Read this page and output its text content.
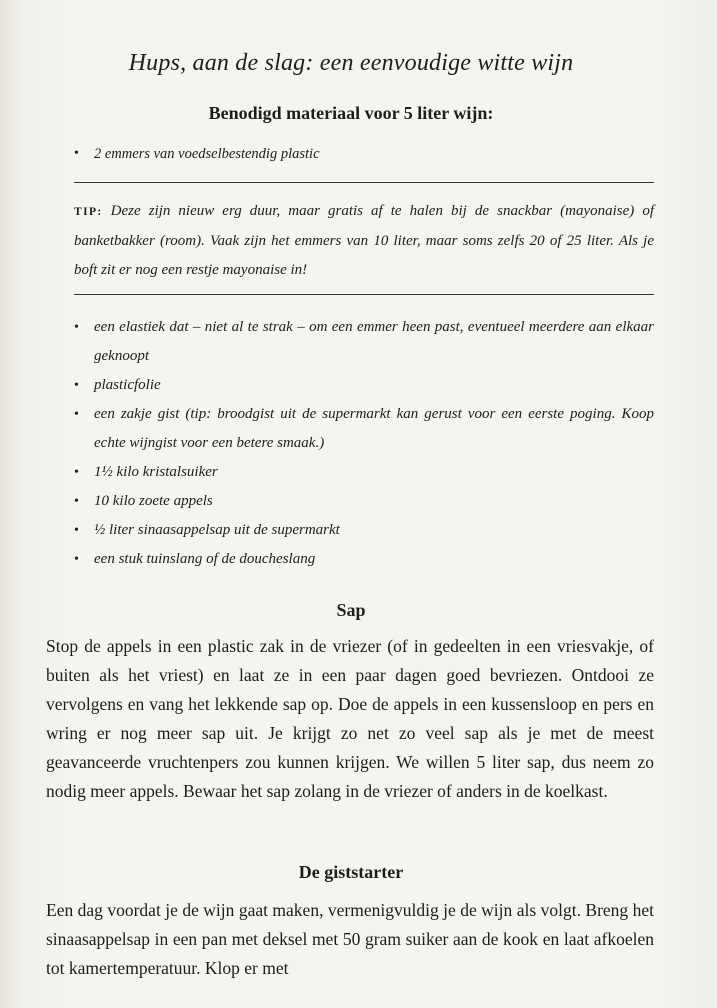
Hups, aan de slag: een eenvoudige witte wijn
Benodigd materiaal voor 5 liter wijn:
• 2 emmers van voedselbestendig plastic
TIP: Deze zijn nieuw erg duur, maar gratis af te halen bij de snackbar (mayonaise) of banketbakker (room). Vaak zijn het emmers van 10 liter, maar soms zelfs 20 of 25 liter. Als je boft zit er nog een restje mayonaise in!
• een elastiek dat – niet al te strak – om een emmer heen past, eventueel meerdere aan elkaar geknoopt
• plasticfolie
• een zakje gist (tip: broodgist uit de supermarkt kan gerust voor een eerste poging. Koop echte wijngist voor een betere smaak.)
• 1½ kilo kristalsuiker
• 10 kilo zoete appels
• ½ liter sinaasappelsap uit de supermarkt
• een stuk tuinslang of de doucheslang
Sap
Stop de appels in een plastic zak in de vriezer (of in gedeelten in een vriesvakje, of buiten als het vriest) en laat ze in een paar dagen goed bevriezen. Ontdooi ze vervolgens en vang het lekkende sap op. Doe de appels in een kussensloop en pers en wring er nog meer sap uit. Je krijgt zo net zo veel sap als je met de meest geavanceerde vruchtenpers zou kunnen krijgen. We willen 5 liter sap, dus neem zo nodig meer appels. Bewaar het sap zolang in de vriezer of anders in de koelkast.
De giststarter
Een dag voordat je de wijn gaat maken, vermenigvuldig je de wijn als volgt. Breng het sinaasappelsap in een pan met deksel met 50 gram suiker aan de kook en laat afkoelen tot kamertemperatuur. Klop er met
